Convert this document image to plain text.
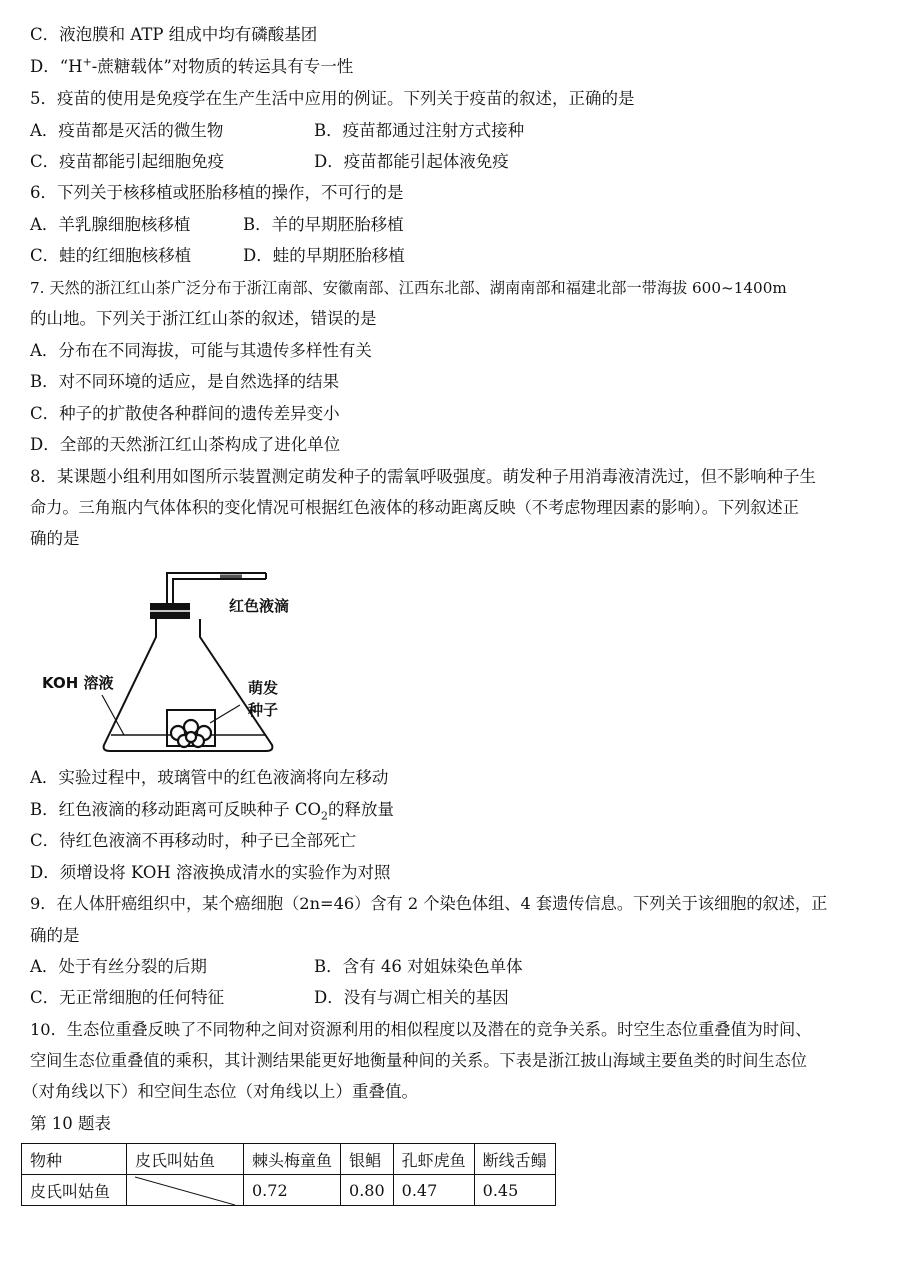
C．液泡膜和 ATP 组成中均有磷酸基团
D．“H+-蔗糖载体”对物质的转运具有专一性
5．疫苗的使用是免疫学在生产生活中应用的例证。下列关于疫苗的叙述，正确的是
A．疫苗都是灭活的微生物	B．疫苗都通过注射方式接种
C．疫苗都能引起细胞免疫	D．疫苗都能引起体液免疫
6．下列关于核移植或胚胎移植的操作，不可行的是
A．羊乳腺细胞核移植	B．羊的早期胚胎移植
C．蛙的红细胞核移植	D．蛙的早期胚胎移植
7. 天然的浙江红山茶广泛分布于浙江南部、安徽南部、江西东北部、湖南南部和福建北部一带海拔 600~1400m
的山地。下列关于浙江红山茶的叙述，错误的是
A．分布在不同海拔，可能与其遗传多样性有关
B．对不同环境的适应，是自然选择的结果
C．种子的扩散使各种群间的遗传差异变小
D．全部的天然浙江红山茶构成了进化单位
8．某课题小组利用如图所示装置测定萌发种子的需氧呼吸强度。萌发种子用消毒液清洗过，但不影响种子生
命力。三角瓶内气体体积的变化情况可根据红色液体的移动距离反映（不考虑物理因素的影响）。下列叙述正
确的是
红色液滴
KOH 溶液	萌发
种子
A．实验过程中，玻璃管中的红色液滴将向左移动
B．红色液滴的移动距离可反映种子 $CO_2$的释放量
C．待红色液滴不再移动时，种子已全部死亡
D．须增设将 KOH 溶液换成清水的实验作为对照
9．在人体肝癌组织中，某个癌细胞（2n=46）含有 2 个染色体组、4 套遗传信息。下列关于该细胞的叙述，正
确的是
A．处于有丝分裂的后期	B．含有 46 对姐妹染色单体
C．无正常细胞的任何特征	D．没有与凋亡相关的基因
10．生态位重叠反映了不同物种之间对资源利用的相似程度以及潜在的竞争关系。时空生态位重叠值为时间、
空间生态位重叠值的乘积，其计测结果能更好地衡量种间的关系。下表是浙江披山海域主要鱼类的时间生态位
（对角线以下）和空间生态位（对角线以上）重叠值。
第 10 题表
物种	皮氏叫姑鱼	棘头梅童鱼	银鲳	孔虾虎鱼	断线舌鳎
皮氏叫姑鱼		0.72	0.80	0.47	0.45
